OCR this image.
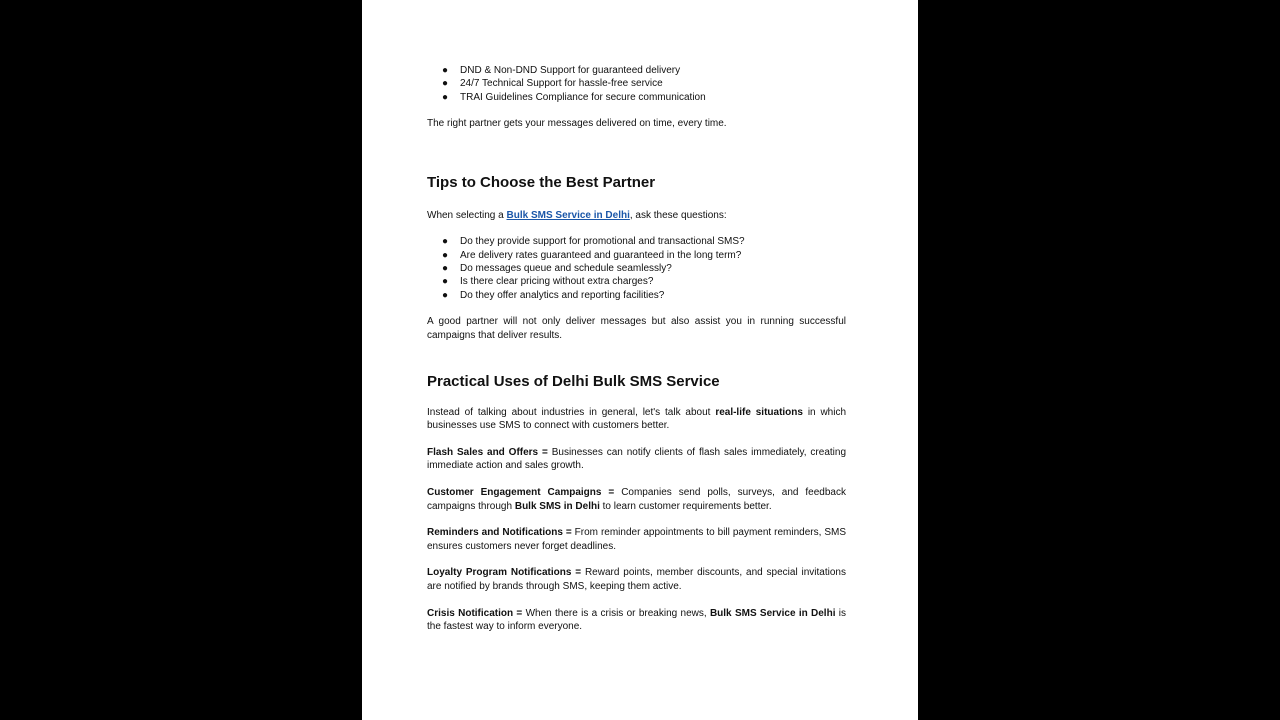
● DND & Non-DND Support for guaranteed delivery
● 24/7 Technical Support for hassle-free service
● TRAI Guidelines Compliance for secure communication

The right partner gets your messages delivered on time, every time.

Tips to Choose the Best Partner

When selecting a Bulk SMS Service in Delhi, ask these questions:

● Do they provide support for promotional and transactional SMS?
● Are delivery rates guaranteed and guaranteed in the long term?
● Do messages queue and schedule seamlessly?
● Is there clear pricing without extra charges?
● Do they offer analytics and reporting facilities?

A good partner will not only deliver messages but also assist you in running successful campaigns that deliver results.

Practical Uses of Delhi Bulk SMS Service

Instead of talking about industries in general, let's talk about real-life situations in which businesses use SMS to connect with customers better.

Flash Sales and Offers = Businesses can notify clients of flash sales immediately, creating immediate action and sales growth.

Customer Engagement Campaigns = Companies send polls, surveys, and feedback campaigns through Bulk SMS in Delhi to learn customer requirements better.

Reminders and Notifications = From reminder appointments to bill payment reminders, SMS ensures customers never forget deadlines.

Loyalty Program Notifications = Reward points, member discounts, and special invitations are notified by brands through SMS, keeping them active.

Crisis Notification = When there is a crisis or breaking news, Bulk SMS Service in Delhi is the fastest way to inform everyone.
